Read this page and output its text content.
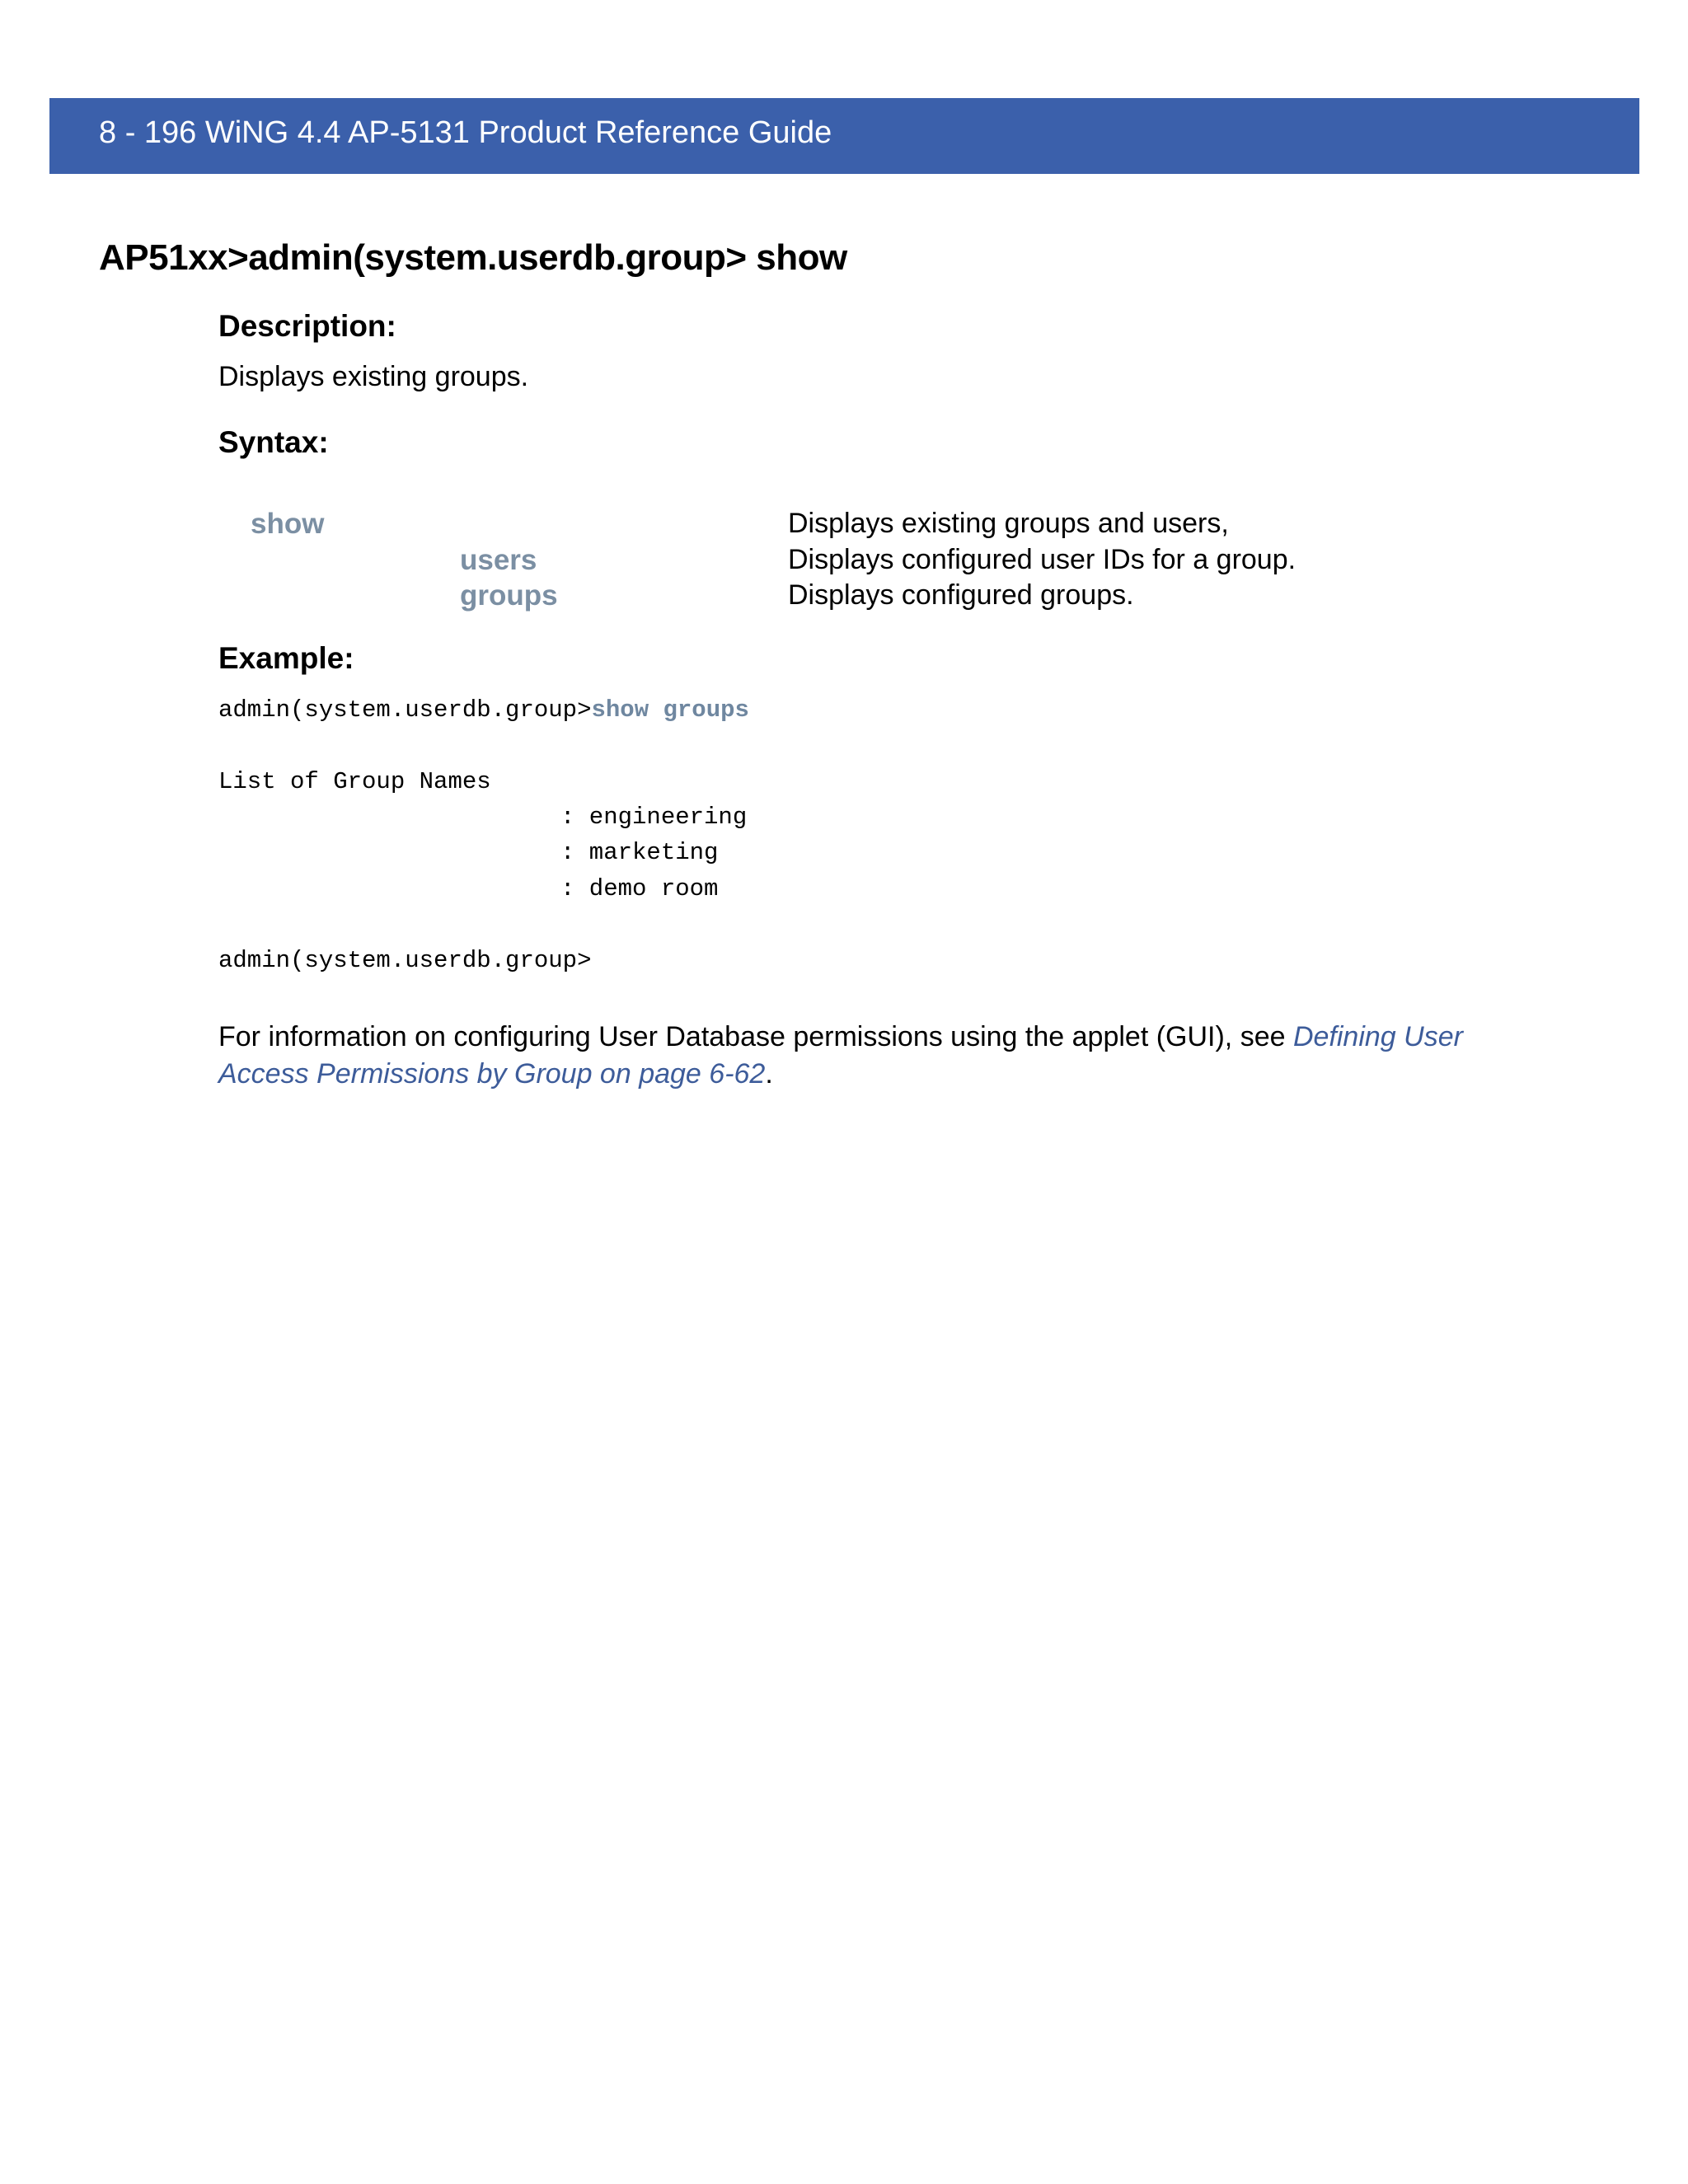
8 - 196 WiNG 4.4 AP-5131 Product Reference Guide
AP51xx>admin(system.userdb.group> show
Description:
Displays existing groups.
Syntax:
show	Displays existing groups and users,
users	Displays configured user IDs for a group.
groups	Displays configured groups.
Example:
admin(system.userdb.group>show groups
List of Group Names
: engineering
: marketing
: demo room
admin(system.userdb.group>
For information on configuring User Database permissions using the applet (GUI), see Defining User Access Permissions by Group on page 6-62.
